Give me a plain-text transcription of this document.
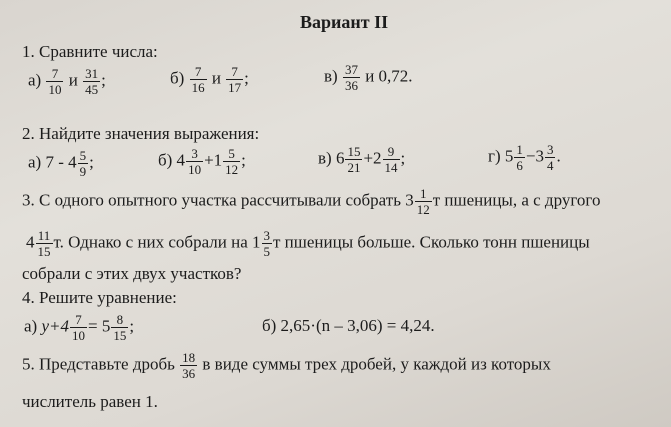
Вариант II
1. Сравните числа:
$а) \frac{7}{10}$ и $\frac{31}{45}$ ;	$б) \frac{7}{16}$ и $\frac{7}{17}$ ;	$в) \frac{37}{36}$ и 0,72.
2. Найдите значения выражения:
а) $7 - 4 \frac{5}{9}$ ;	б) $4 \frac{3}{10} +1 \frac{5}{12}$ ;	в) $6 \frac{15}{21} +2 \frac{9}{14}$ ;	г) $5 \frac{1}{6} -3 \frac{3}{4}$ .
3. С одного опытного участка рассчитывали собрать $3 \frac{1}{12}$ т пшеницы, а с другого
$4 \frac{11}{15} т$. Однако с них собрали на $1 \frac{3}{5}$ т пшеницы больше. Сколько тонн пшеницы
собрали с этих двух участков?
4. Решите уравнение:
а) $y+4 \frac{7}{10} = 5 \frac{8}{15}$ ;	б) 2,65·(n – 3,06) = 4,24.
5. Представьте дробь $\frac{18}{36}$ в виде суммы трех дробей, у каждой из которых
числитель равен 1.
